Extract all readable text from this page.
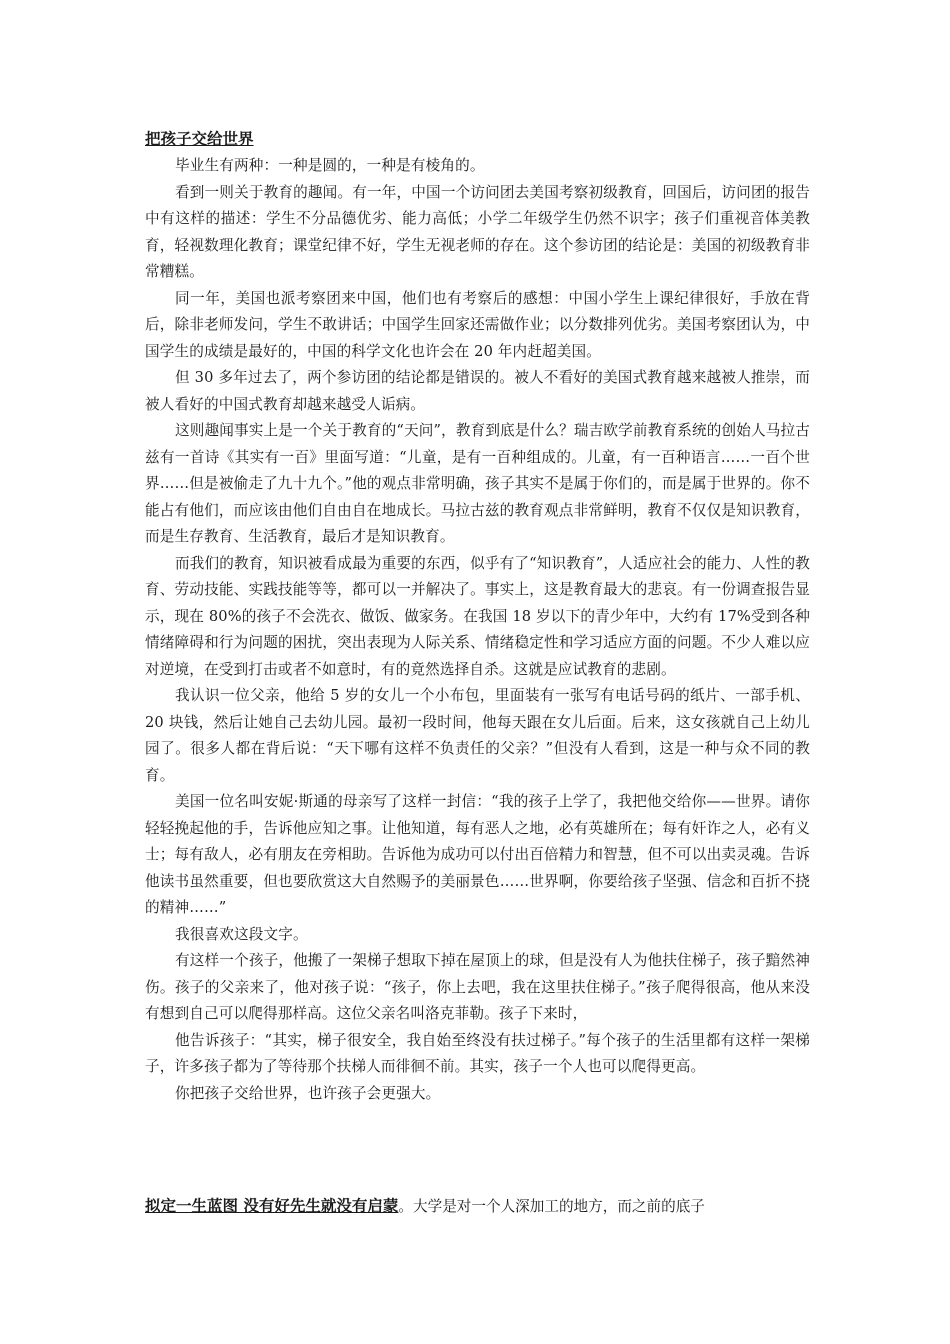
把孩子交给世界

毕业生有两种：一种是圆的，一种是有棱角的。

看到一则关于教育的趣闻。有一年，中国一个访问团去美国考察初级教育，回国后，访问团的报告中有这样的描述：学生不分品德优劣、能力高低；小学二年级学生仍然不识字；孩子们重视音体美教育，轻视数理化教育；课堂纪律不好，学生无视老师的存在。这个参访团的结论是：美国的初级教育非常糟糕。

同一年，美国也派考察团来中国，他们也有考察后的感想：中国小学生上课纪律很好，手放在背后，除非老师发问，学生不敢讲话；中国学生回家还需做作业；以分数排列优劣。美国考察团认为，中国学生的成绩是最好的，中国的科学文化也许会在 20 年内赶超美国。

但 30 多年过去了，两个参访团的结论都是错误的。被人不看好的美国式教育越来越被人推崇，而被人看好的中国式教育却越来越受人诟病。

这则趣闻事实上是一个关于教育的“天问”，教育到底是什么？瑞吉欧学前教育系统的创始人马拉古兹有一首诗《其实有一百》里面写道：“儿童，是有一百种组成的。儿童，有一百种语言……一百个世界……但是被偷走了九十九个。”他的观点非常明确，孩子其实不是属于你们的，而是属于世界的。你不能占有他们，而应该由他们自由自在地成长。马拉古兹的教育观点非常鲜明，教育不仅仅是知识教育，而是生存教育、生活教育，最后才是知识教育。

而我们的教育，知识被看成最为重要的东西，似乎有了“知识教育”，人适应社会的能力、人性的教育、劳动技能、实践技能等等，都可以一并解决了。事实上，这是教育最大的悲哀。有一份调查报告显示，现在 80%的孩子不会洗衣、做饭、做家务。在我国 18 岁以下的青少年中，大约有 17%受到各种情绪障碍和行为问题的困扰，突出表现为人际关系、情绪稳定性和学习适应方面的问题。不少人难以应对逆境，在受到打击或者不如意时，有的竟然选择自杀。这就是应试教育的悲剧。

我认识一位父亲，他给 5 岁的女儿一个小布包，里面装有一张写有电话号码的纸片、一部手机、20 块钱，然后让她自己去幼儿园。最初一段时间，他每天跟在女儿后面。后来，这女孩就自己上幼儿园了。很多人都在背后说：“天下哪有这样不负责任的父亲？”但没有人看到，这是一种与众不同的教育。

美国一位名叫安妮·斯通的母亲写了这样一封信：“我的孩子上学了，我把他交给你——世界。请你轻轻挽起他的手，告诉他应知之事。让他知道，每有恶人之地，必有英雄所在；每有奸诈之人，必有义士；每有敌人，必有朋友在旁相助。告诉他为成功可以付出百倍精力和智慧，但不可以出卖灵魂。告诉他读书虽然重要，但也要欣赏这大自然赐予的美丽景色……世界啊，你要给孩子坚强、信念和百折不挠的精神……”

我很喜欢这段文字。

有这样一个孩子，他搬了一架梯子想取下掉在屋顶上的球，但是没有人为他扶住梯子，孩子黯然神伤。孩子的父亲来了，他对孩子说：“孩子，你上去吧，我在这里扶住梯子。”孩子爬得很高，他从来没有想到自己可以爬得那样高。这位父亲名叫洛克菲勒。孩子下来时，

他告诉孩子：“其实，梯子很安全，我自始至终没有扶过梯子。”每个孩子的生活里都有这样一架梯子，许多孩子都为了等待那个扶梯人而徘徊不前。其实，孩子一个人也可以爬得更高。

你把孩子交给世界，也许孩子会更强大。

拟定一生蓝图 没有好先生就没有启蒙。大学是对一个人深加工的地方，而之前的底子
